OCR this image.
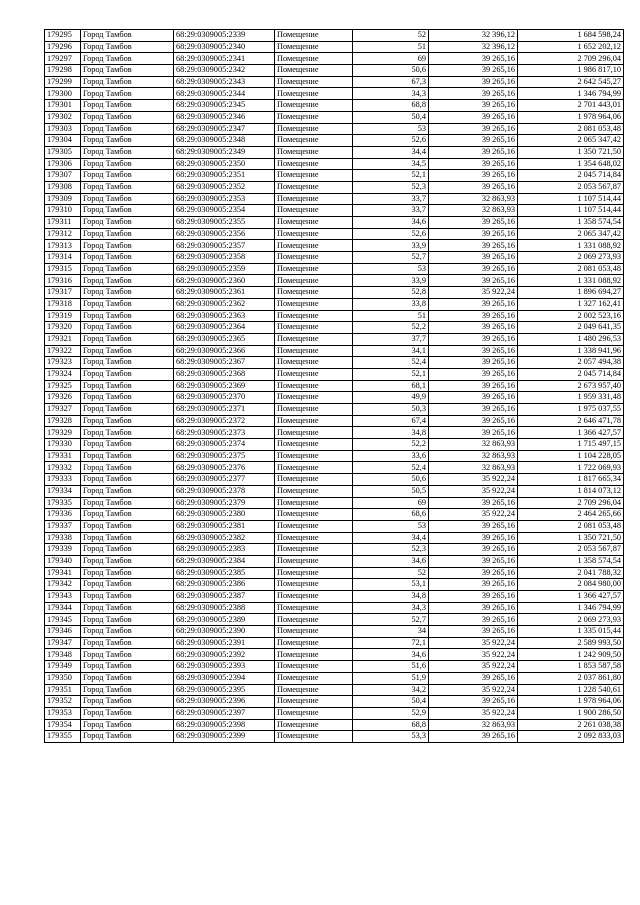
179295	Город Тамбов	68:29:0309005:2339	Помещение	52	32 396,12	1 684 598,24
179296	Город Тамбов	68:29:0309005:2340	Помещение	51	32 396,12	1 652 202,12
179297	Город Тамбов	68:29:0309005:2341	Помещение	69	39 265,16	2 709 296,04
179298	Город Тамбов	68:29:0309005:2342	Помещение	50,6	39 265,16	1 986 817,10
179299	Город Тамбов	68:29:0309005:2343	Помещение	67,3	39 265,16	2 642 545,27
179300	Город Тамбов	68:29:0309005:2344	Помещение	34,3	39 265,16	1 346 794,99
179301	Город Тамбов	68:29:0309005:2345	Помещение	68,8	39 265,16	2 701 443,01
179302	Город Тамбов	68:29:0309005:2346	Помещение	50,4	39 265,16	1 978 964,06
179303	Город Тамбов	68:29:0309005:2347	Помещение	53	39 265,16	2 081 053,48
179304	Город Тамбов	68:29:0309005:2348	Помещение	52,6	39 265,16	2 065 347,42
179305	Город Тамбов	68:29:0309005:2349	Помещение	34,4	39 265,16	1 350 721,50
179306	Город Тамбов	68:29:0309005:2350	Помещение	34,5	39 265,16	1 354 648,02
179307	Город Тамбов	68:29:0309005:2351	Помещение	52,1	39 265,16	2 045 714,84
179308	Город Тамбов	68:29:0309005:2352	Помещение	52,3	39 265,16	2 053 567,87
179309	Город Тамбов	68:29:0309005:2353	Помещение	33,7	32 863,93	1 107 514,44
179310	Город Тамбов	68:29:0309005:2354	Помещение	33,7	32 863,93	1 107 514,44
179311	Город Тамбов	68:29:0309005:2355	Помещение	34,6	39 265,16	1 358 574,54
179312	Город Тамбов	68:29:0309005:2356	Помещение	52,6	39 265,16	2 065 347,42
179313	Город Тамбов	68:29:0309005:2357	Помещение	33,9	39 265,16	1 331 088,92
179314	Город Тамбов	68:29:0309005:2358	Помещение	52,7	39 265,16	2 069 273,93
179315	Город Тамбов	68:29:0309005:2359	Помещение	53	39 265,16	2 081 053,48
179316	Город Тамбов	68:29:0309005:2360	Помещение	33,9	39 265,16	1 331 088,92
179317	Город Тамбов	68:29:0309005:2361	Помещение	52,8	35 922,24	1 896 694,27
179318	Город Тамбов	68:29:0309005:2362	Помещение	33,8	39 265,16	1 327 162,41
179319	Город Тамбов	68:29:0309005:2363	Помещение	51	39 265,16	2 002 523,16
179320	Город Тамбов	68:29:0309005:2364	Помещение	52,2	39 265,16	2 049 641,35
179321	Город Тамбов	68:29:0309005:2365	Помещение	37,7	39 265,16	1 480 296,53
179322	Город Тамбов	68:29:0309005:2366	Помещение	34,1	39 265,16	1 338 941,96
179323	Город Тамбов	68:29:0309005:2367	Помещение	52,4	39 265,16	2 057 494,38
179324	Город Тамбов	68:29:0309005:2368	Помещение	52,1	39 265,16	2 045 714,84
179325	Город Тамбов	68:29:0309005:2369	Помещение	68,1	39 265,16	2 673 957,40
179326	Город Тамбов	68:29:0309005:2370	Помещение	49,9	39 265,16	1 959 331,48
179327	Город Тамбов	68:29:0309005:2371	Помещение	50,3	39 265,16	1 975 037,55
179328	Город Тамбов	68:29:0309005:2372	Помещение	67,4	39 265,16	2 646 471,78
179329	Город Тамбов	68:29:0309005:2373	Помещение	34,8	39 265,16	1 366 427,57
179330	Город Тамбов	68:29:0309005:2374	Помещение	52,2	32 863,93	1 715 497,15
179331	Город Тамбов	68:29:0309005:2375	Помещение	33,6	32 863,93	1 104 228,05
179332	Город Тамбов	68:29:0309005:2376	Помещение	52,4	32 863,93	1 722 069,93
179333	Город Тамбов	68:29:0309005:2377	Помещение	50,6	35 922,24	1 817 665,34
179334	Город Тамбов	68:29:0309005:2378	Помещение	50,5	35 922,24	1 814 073,12
179335	Город Тамбов	68:29:0309005:2379	Помещение	69	39 265,16	2 709 296,04
179336	Город Тамбов	68:29:0309005:2380	Помещение	68,6	35 922,24	2 464 265,66
179337	Город Тамбов	68:29:0309005:2381	Помещение	53	39 265,16	2 081 053,48
179338	Город Тамбов	68:29:0309005:2382	Помещение	34,4	39 265,16	1 350 721,50
179339	Город Тамбов	68:29:0309005:2383	Помещение	52,3	39 265,16	2 053 567,87
179340	Город Тамбов	68:29:0309005:2384	Помещение	34,6	39 265,16	1 358 574,54
179341	Город Тамбов	68:29:0309005:2385	Помещение	52	39 265,16	2 041 788,32
179342	Город Тамбов	68:29:0309005:2386	Помещение	53,1	39 265,16	2 084 980,00
179343	Город Тамбов	68:29:0309005:2387	Помещение	34,8	39 265,16	1 366 427,57
179344	Город Тамбов	68:29:0309005:2388	Помещение	34,3	39 265,16	1 346 794,99
179345	Город Тамбов	68:29:0309005:2389	Помещение	52,7	39 265,16	2 069 273,93
179346	Город Тамбов	68:29:0309005:2390	Помещение	34	39 265,16	1 335 015,44
179347	Город Тамбов	68:29:0309005:2391	Помещение	72,1	35 922,24	2 589 993,50
179348	Город Тамбов	68:29:0309005:2392	Помещение	34,6	35 922,24	1 242 909,50
179349	Город Тамбов	68:29:0309005:2393	Помещение	51,6	35 922,24	1 853 587,58
179350	Город Тамбов	68:29:0309005:2394	Помещение	51,9	39 265,16	2 037 861,80
179351	Город Тамбов	68:29:0309005:2395	Помещение	34,2	35 922,24	1 228 540,61
179352	Город Тамбов	68:29:0309005:2396	Помещение	50,4	39 265,16	1 978 964,06
179353	Город Тамбов	68:29:0309005:2397	Помещение	52,9	35 922,24	1 900 286,50
179354	Город Тамбов	68:29:0309005:2398	Помещение	68,8	32 863,93	2 261 038,38
179355	Город Тамбов	68:29:0309005:2399	Помещение	53,3	39 265,16	2 092 833,03
